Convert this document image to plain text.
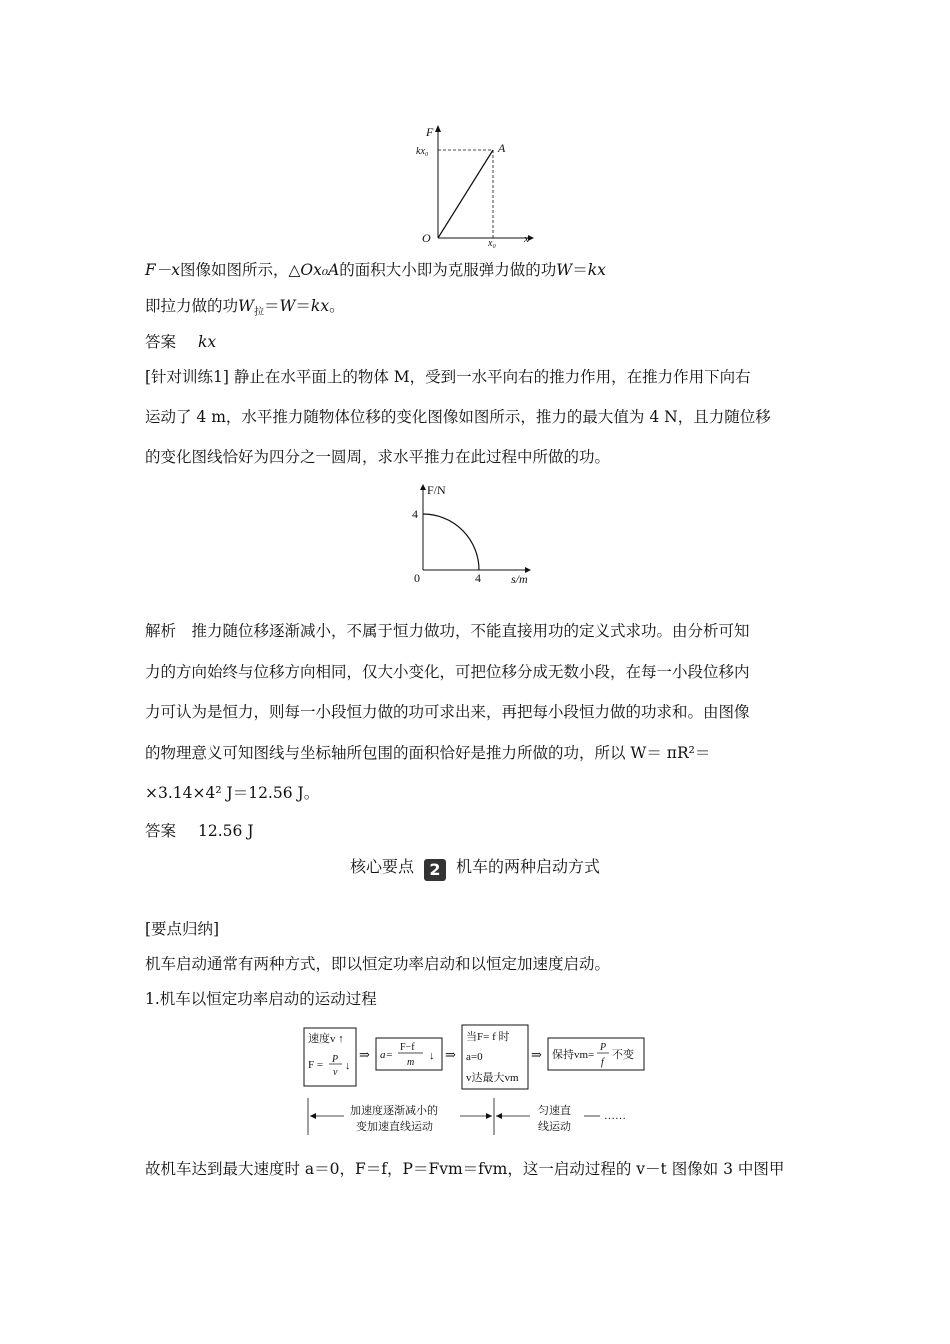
F
x
O
kx₀
x₀
A
F－x图像如图所示，△Ox₀A的面积大小即为克服弹力做的功W＝kx
即拉力做的功$W_拉=W=kx$。
答案 kx
[针对训练1] 静止在水平面上的物体 M，受到一水平向右的推力作用，在推力作用下向右
运动了 4 m，水平推力随物体位移的变化图像如图所示，推力的最大值为 4 N，且力随位移
的变化图线恰好为四分之一圆周，求水平推力在此过程中所做的功。
F/N
s/m
0
4
4
解析　推力随位移逐渐减小，不属于恒力做功，不能直接用功的定义式求功。由分析可知
力的方向始终与位移方向相同，仅大小变化，可把位移分成无数小段，在每一小段位移内
力可认为是恒力，则每一小段恒力做的功可求出来，再把每小段恒力做的功求和。由图像
的物理意义可知图线与坐标轴所包围的面积恰好是推力所做的功，所以 W＝ πR²＝
×3.14×4² J＝12.56 J。
答案 12.56 J
核心要点 2 机车的两种启动方式
[要点归纳]
机车启动通常有两种方式，即以恒定功率启动和以恒定加速度启动。
1.机车以恒定功率启动的运动过程
速度v ↑
F = P
v
↓
⇒ a=
F−f
m
↓ ⇒
当F= f 时
a=0
v达最大vm
⇒ 保持vm=
P
f
不变
加速度逐渐减小的
变加速直线运动
匀速直
线运动
……
故机车达到最大速度时 a＝0，F＝f，P＝Fvm＝fvm，这一启动过程的 v－t 图像如 3 中图甲
